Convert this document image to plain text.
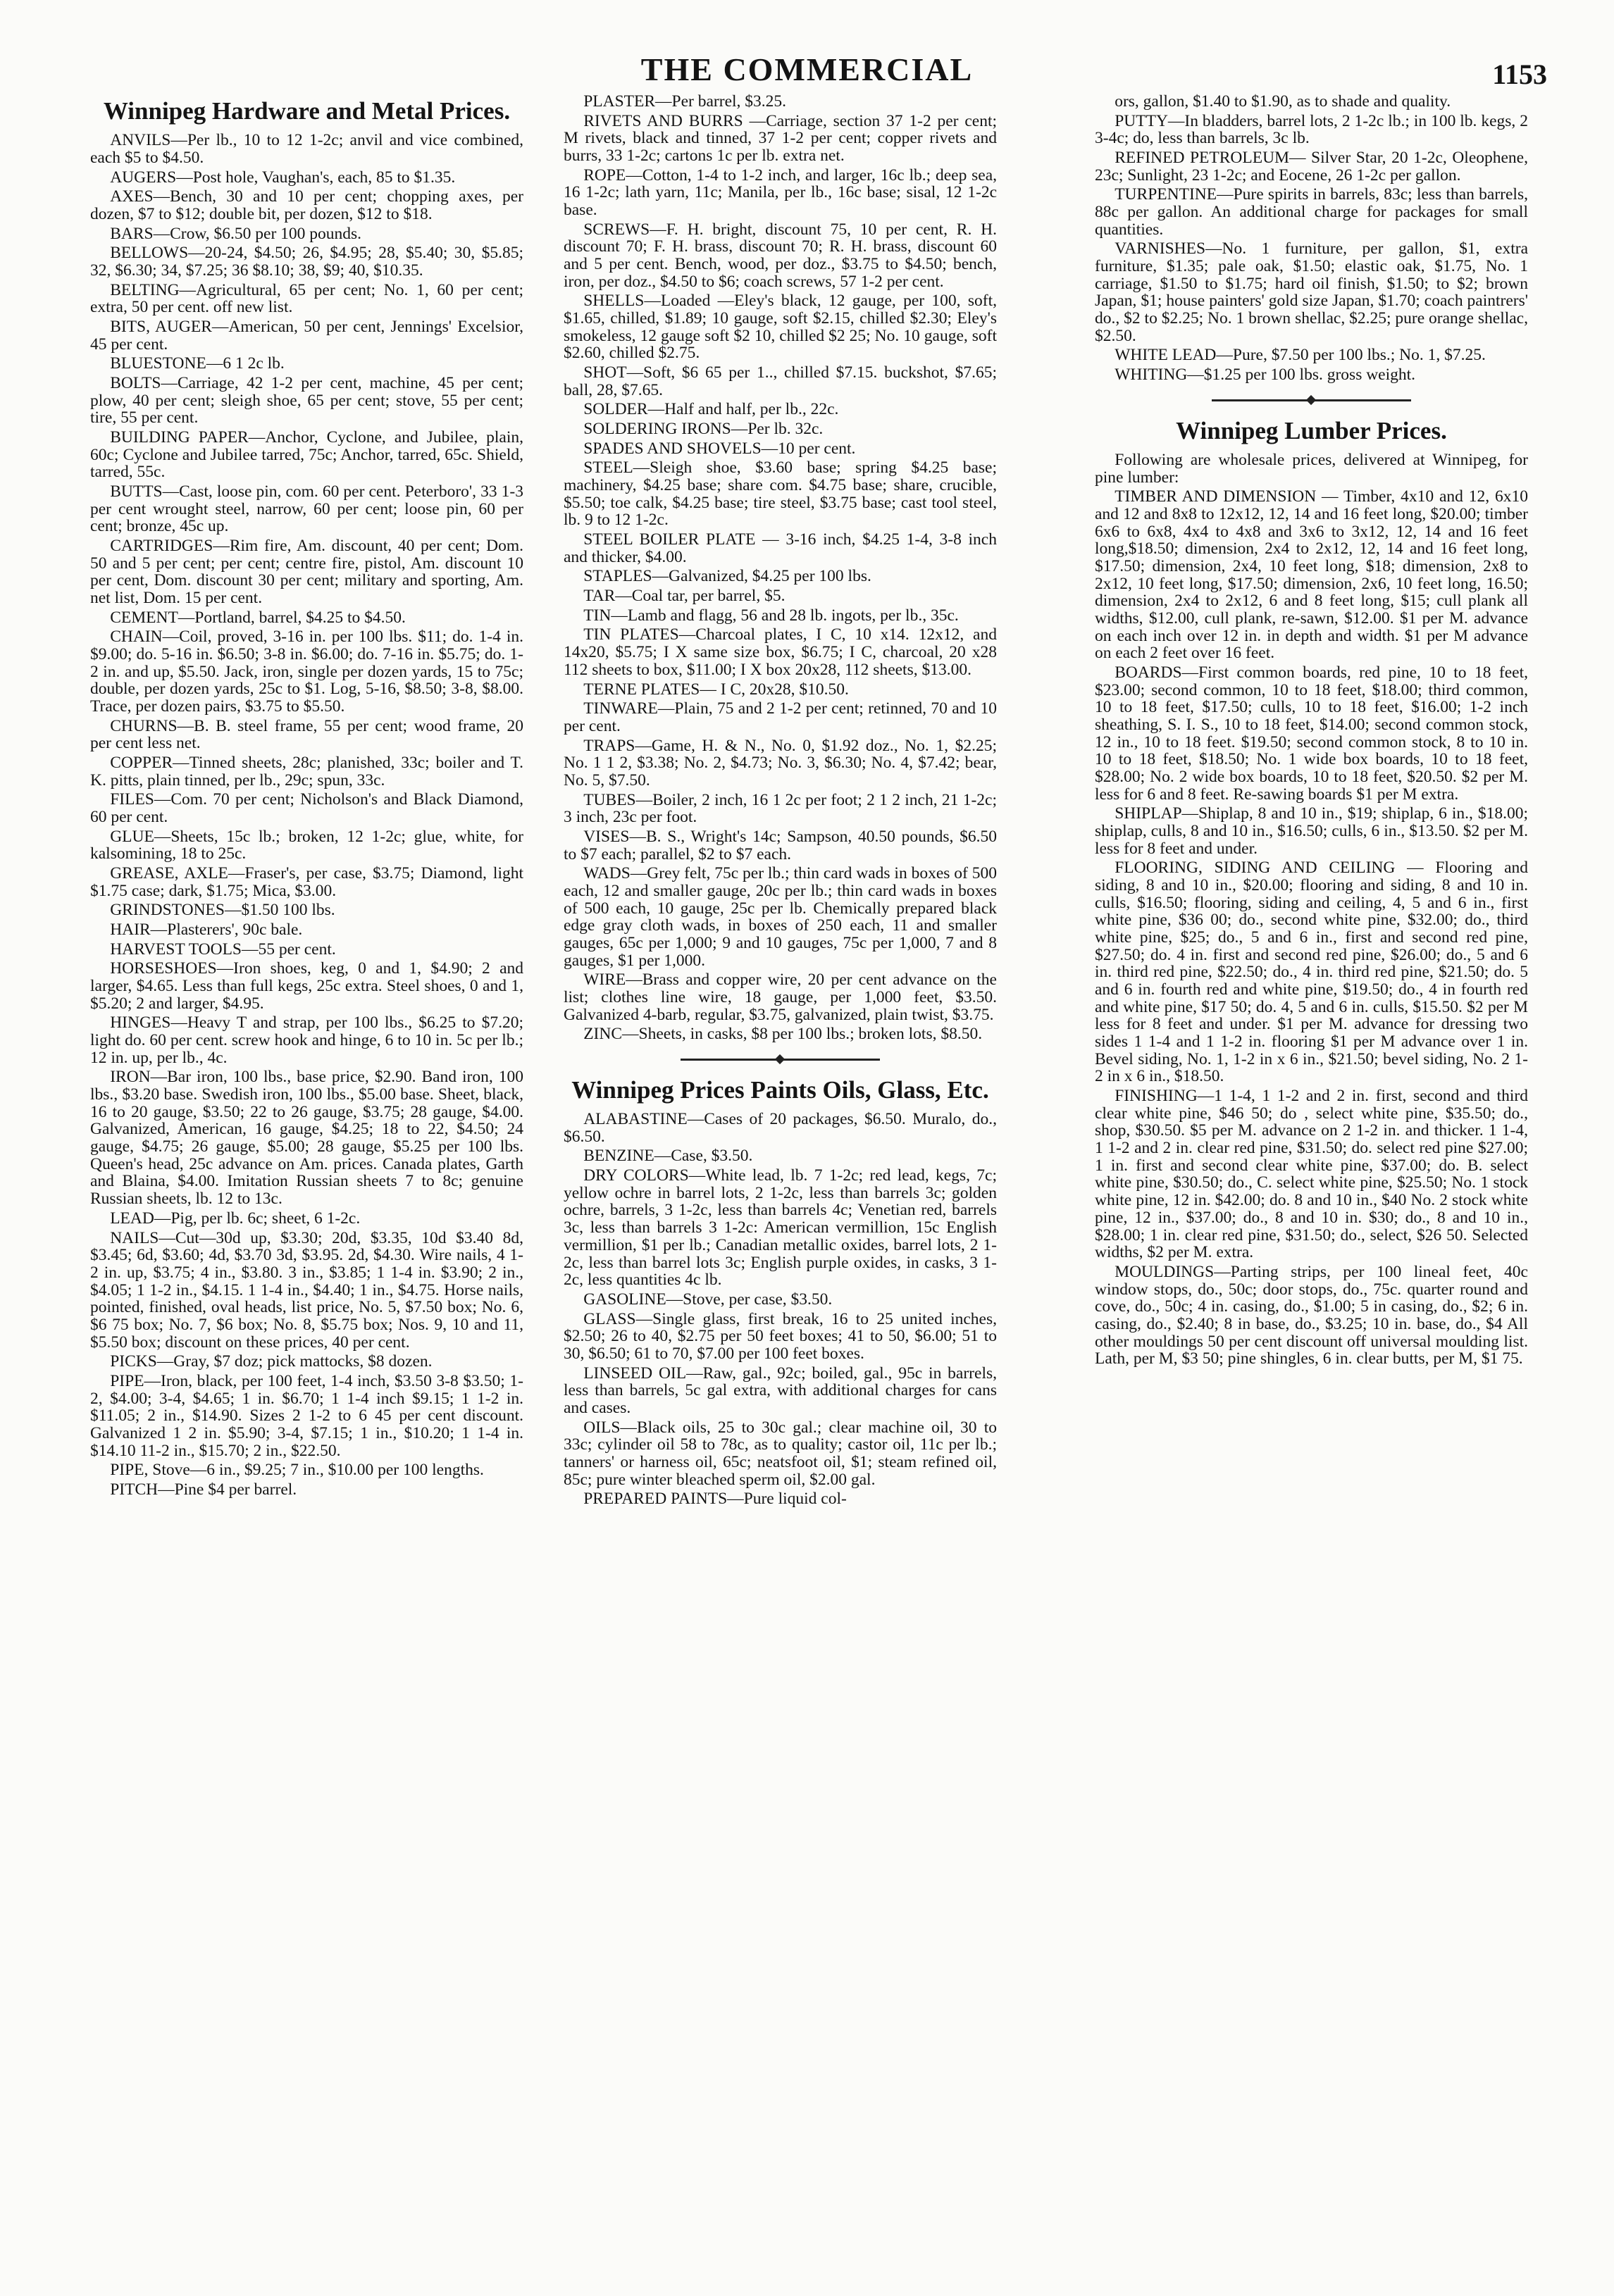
THE COMMERCIAL	1153
Winnipeg Hardware and Metal Prices.

ANVILS—Per lb., 10 to 12 1-2c; anvil and vice combined, each $5 to $4.50.

AUGERS—Post hole, Vaughan's, each, 85 to $1.35.

AXES—Bench, 30 and 10 per cent; chopping axes, per dozen, $7 to $12; double bit, per dozen, $12 to $18.

BARS—Crow, $6.50 per 100 pounds.

BELLOWS—20-24, $4.50; 26, $4.95; 28, $5.40; 30, $5.85; 32, $6.30; 34, $7.25; 36 $8.10; 38, $9; 40, $10.35.

BELTING—Agricultural, 65 per cent; No. 1, 60 per cent; extra, 50 per cent. off new list.

BITS, AUGER—American, 50 per cent, Jennings' Excelsior, 45 per cent.

BLUESTONE—6 1 2c lb.

BOLTS—Carriage, 42 1-2 per cent, machine, 45 per cent; plow, 40 per cent; sleigh shoe, 65 per cent; stove, 55 per cent; tire, 55 per cent.

BUILDING PAPER—Anchor, Cyclone, and Jubilee, plain, 60c; Cyclone and Jubilee tarred, 75c; Anchor, tarred, 65c. Shield, tarred, 55c.

BUTTS—Cast, loose pin, com. 60 per cent. Peterboro', 33 1-3 per cent wrought steel, narrow, 60 per cent; loose pin, 60 per cent; bronze, 45c up.

CARTRIDGES—Rim fire, Am. discount, 40 per cent; Dom. 50 and 5 per cent; per cent; centre fire, pistol, Am. discount 10 per cent, Dom. discount 30 per cent; military and sporting, Am. net list, Dom. 15 per cent.

CEMENT—Portland, barrel, $4.25 to $4.50.

CHAIN—Coil, proved, 3-16 in. per 100 lbs. $11; do. 1-4 in. $9.00; do. 5-16 in. $6.50; 3-8 in. $6.00; do. 7-16 in. $5.75; do. 1-2 in. and up, $5.50. Jack, iron, single per dozen yards, 15 to 75c; double, per dozen yards, 25c to $1. Log, 5-16, $8.50; 3-8, $8.00. Trace, per dozen pairs, $3.75 to $5.50.

CHURNS—B. B. steel frame, 55 per cent; wood frame, 20 per cent less net.

COPPER—Tinned sheets, 28c; planished, 33c; boiler and T. K. pitts, plain tinned, per lb., 29c; spun, 33c.

FILES—Com. 70 per cent; Nicholson's and Black Diamond, 60 per cent.

GLUE—Sheets, 15c lb.; broken, 12 1-2c; glue, white, for kalsomining, 18 to 25c.

GREASE, AXLE—Fraser's, per case, $3.75; Diamond, light $1.75 case; dark, $1.75; Mica, $3.00.

GRINDSTONES—$1.50 100 lbs.

HAIR—Plasterers', 90c bale.

HARVEST TOOLS—55 per cent.

HORSESHOES—Iron shoes, keg, 0 and 1, $4.90; 2 and larger, $4.65. Less than full kegs, 25c extra. Steel shoes, 0 and 1, $5.20; 2 and larger, $4.95.

HINGES—Heavy T and strap, per 100 lbs., $6.25 to $7.20; light do. 60 per cent. screw hook and hinge, 6 to 10 in. 5c per lb.; 12 in. up, per lb., 4c.

IRON—Bar iron, 100 lbs., base price, $2.90. Band iron, 100 lbs., $3.20 base. Swedish iron, 100 lbs., $5.00 base. Sheet, black, 16 to 20 gauge, $3.50; 22 to 26 gauge, $3.75; 28 gauge, $4.00. Galvanized, American, 16 gauge, $4.25; 18 to 22, $4.50; 24 gauge, $4.75; 26 gauge, $5.00; 28 gauge, $5.25 per 100 lbs. Queen's head, 25c advance on Am. prices. Canada plates, Garth and Blaina, $4.00. Imitation Russian sheets 7 to 8c; genuine Russian sheets, lb. 12 to 13c.

LEAD—Pig, per lb. 6c; sheet, 6 1-2c.

NAILS—Cut—30d up, $3.30; 20d, $3.35, 10d $3.40 8d, $3.45; 6d, $3.60; 4d, $3.70 3d, $3.95. 2d, $4.30. Wire nails, 4 1-2 in. up, $3.75; 4 in., $3.80. 3 in., $3.85; 1 1-4 in. $3.90; 2 in., $4.05; 1 1-2 in., $4.15. 1 1-4 in., $4.40; 1 in., $4.75. Horse nails, pointed, finished, oval heads, list price, No. 5, $7.50 box; No. 6, $6 75 box; No. 7, $6 box; No. 8, $5.75 box; Nos. 9, 10 and 11, $5.50 box; discount on these prices, 40 per cent.

PICKS—Gray, $7 doz; pick mattocks, $8 dozen.

PIPE—Iron, black, per 100 feet, 1-4 inch, $3.50 3-8 $3.50; 1-2, $4.00; 3-4, $4.65; 1 in. $6.70; 1 1-4 inch $9.15; 1 1-2 in. $11.05; 2 in., $14.90. Sizes 2 1-2 to 6 45 per cent discount. Galvanized 1 2 in. $5.90; 3-4, $7.15; 1 in., $10.20; 1 1-4 in. $14.10 11-2 in., $15.70; 2 in., $22.50.

PIPE, Stove—6 in., $9.25; 7 in., $10.00 per 100 lengths.

PITCH—Pine $4 per barrel.

PLASTER—Per barrel, $3.25.

RIVETS AND BURRS —Carriage, section 37 1-2 per cent; M rivets, black and tinned, 37 1-2 per cent; copper rivets and burrs, 33 1-2c; cartons 1c per lb. extra net.

ROPE—Cotton, 1-4 to 1-2 inch, and larger, 16c lb.; deep sea, 16 1-2c; lath yarn, 11c; Manila, per lb., 16c base; sisal, 12 1-2c base.

SCREWS—F. H. bright, discount 75, 10 per cent, R. H. discount 70; F. H. brass, discount 70; R. H. brass, discount 60 and 5 per cent. Bench, wood, per doz., $3.75 to $4.50; bench, iron, per doz., $4.50 to $6; coach screws, 57 1-2 per cent.

SHELLS—Loaded —Eley's black, 12 gauge, per 100, soft, $1.65, chilled, $1.89; 10 gauge, soft $2.15, chilled $2.30; Eley's smokeless, 12 gauge soft $2 10, chilled $2 25; No. 10 gauge, soft $2.60, chilled $2.75.

SHOT—Soft, $6 65 per 1.., chilled $7.15. buckshot, $7.65; ball, 28, $7.65.

SOLDER—Half and half, per lb., 22c.

SOLDERING IRONS—Per lb. 32c.

SPADES AND SHOVELS—10 per cent.

STEEL—Sleigh shoe, $3.60 base; spring $4.25 base; machinery, $4.25 base; share com. $4.75 base; share, crucible, $5.50; toe calk, $4.25 base; tire steel, $3.75 base; cast tool steel, lb. 9 to 12 1-2c.

STEEL BOILER PLATE — 3-16 inch, $4.25 1-4, 3-8 inch and thicker, $4.00.

STAPLES—Galvanized, $4.25 per 100 lbs.

TAR—Coal tar, per barrel, $5.

TIN—Lamb and flagg, 56 and 28 lb. ingots, per lb., 35c.

TIN PLATES—Charcoal plates, I C, 10 x14. 12x12, and 14x20, $5.75; I X same size box, $6.75; I C, charcoal, 20 x28 112 sheets to box, $11.00; I X box 20x28, 112 sheets, $13.00.

TERNE PLATES— I C, 20x28, $10.50.

TINWARE—Plain, 75 and 2 1-2 per cent; retinned, 70 and 10 per cent.

TRAPS—Game, H. & N., No. 0, $1.92 doz., No. 1, $2.25; No. 1 1 2, $3.38; No. 2, $4.73; No. 3, $6.30; No. 4, $7.42; bear, No. 5, $7.50.

TUBES—Boiler, 2 inch, 16 1 2c per foot; 2 1 2 inch, 21 1-2c; 3 inch, 23c per foot.

VISES—B. S., Wright's 14c; Sampson, 40.50 pounds, $6.50 to $7 each; parallel, $2 to $7 each.

WADS—Grey felt, 75c per lb.; thin card wads in boxes of 500 each, 12 and smaller gauge, 20c per lb.; thin card wads in boxes of 500 each, 10 gauge, 25c per lb. Chemically prepared black edge gray cloth wads, in boxes of 250 each, 11 and smaller gauges, 65c per 1,000; 9 and 10 gauges, 75c per 1,000, 7 and 8 gauges, $1 per 1,000.

WIRE—Brass and copper wire, 20 per cent advance on the list; clothes line wire, 18 gauge, per 1,000 feet, $3.50. Galvanized 4-barb, regular, $3.75, galvanized, plain twist, $3.75.

ZINC—Sheets, in casks, $8 per 100 lbs.; broken lots, $8.50.

Winnipeg Prices Paints Oils, Glass, Etc.

ALABASTINE—Cases of 20 packages, $6.50. Muralo, do., $6.50.

BENZINE—Case, $3.50.

DRY COLORS—White lead, lb. 7 1-2c; red lead, kegs, 7c; yellow ochre in barrel lots, 2 1-2c, less than barrels 3c; golden ochre, barrels, 3 1-2c, less than barrels 4c; Venetian red, barrels 3c, less than barrels 3 1-2c: American vermillion, 15c English vermillion, $1 per lb.; Canadian metallic oxides, barrel lots, 2 1-2c, less than barrel lots 3c; English purple oxides, in casks, 3 1-2c, less quantities 4c lb.

GASOLINE—Stove, per case, $3.50.

GLASS—Single glass, first break, 16 to 25 united inches, $2.50; 26 to 40, $2.75 per 50 feet boxes; 41 to 50, $6.00; 51 to 30, $6.50; 61 to 70, $7.00 per 100 feet boxes.

LINSEED OIL—Raw, gal., 92c; boiled, gal., 95c in barrels, less than barrels, 5c gal extra, with additional charges for cans and cases.

OILS—Black oils, 25 to 30c gal.; clear machine oil, 30 to 33c; cylinder oil 58 to 78c, as to quality; castor oil, 11c per lb.; tanners' or harness oil, 65c; neatsfoot oil, $1; steam refined oil, 85c; pure winter bleached sperm oil, $2.00 gal.

PREPARED PAINTS—Pure liquid col-

ors, gallon, $1.40 to $1.90, as to shade and quality.

PUTTY—In bladders, barrel lots, 2 1-2c lb.; in 100 lb. kegs, 2 3-4c; do, less than barrels, 3c lb.

REFINED PETROLEUM— Silver Star, 20 1-2c, Oleophene, 23c; Sunlight, 23 1-2c; and Eocene, 26 1-2c per gallon.

TURPENTINE—Pure spirits in barrels, 83c; less than barrels, 88c per gallon. An additional charge for packages for small quantities.

VARNISHES—No. 1 furniture, per gallon, $1, extra furniture, $1.35; pale oak, $1.50; elastic oak, $1.75, No. 1 carriage, $1.50 to $1.75; hard oil finish, $1.50; to $2; brown Japan, $1; house painters' gold size Japan, $1.70; coach paintrers' do., $2 to $2.25; No. 1 brown shellac, $2.25; pure orange shellac, $2.50.

WHITE LEAD—Pure, $7.50 per 100 lbs.; No. 1, $7.25.

WHITING—$1.25 per 100 lbs. gross weight.

Winnipeg Lumber Prices.

Following are wholesale prices, delivered at Winnipeg, for pine lumber:

TIMBER AND DIMENSION — Timber, 4x10 and 12, 6x10 and 12 and 8x8 to 12x12, 12, 14 and 16 feet long, $20.00; timber 6x6 to 6x8, 4x4 to 4x8 and 3x6 to 3x12, 12, 14 and 16 feet long,$18.50; dimension, 2x4 to 2x12, 12, 14 and 16 feet long, $17.50; dimension, 2x4, 10 feet long, $18; dimension, 2x8 to 2x12, 10 feet long, $17.50; dimension, 2x6, 10 feet long, 16.50; dimension, 2x4 to 2x12, 6 and 8 feet long, $15; cull plank all widths, $12.00, cull plank, re-sawn, $12.00. $1 per M. advance on each inch over 12 in. in depth and width. $1 per M advance on each 2 feet over 16 feet.

BOARDS—First common boards, red pine, 10 to 18 feet, $23.00; second common, 10 to 18 feet, $18.00; third common, 10 to 18 feet, $17.50; culls, 10 to 18 feet, $16.00; 1-2 inch sheathing, S. I. S., 10 to 18 feet, $14.00; second common stock, 12 in., 10 to 18 feet. $19.50; second common stock, 8 to 10 in. 10 to 18 feet, $18.50; No. 1 wide box boards, 10 to 18 feet, $28.00; No. 2 wide box boards, 10 to 18 feet, $20.50. $2 per M. less for 6 and 8 feet. Re-sawing boards $1 per M extra.

SHIPLAP—Shiplap, 8 and 10 in., $19; shiplap, 6 in., $18.00; shiplap, culls, 8 and 10 in., $16.50; culls, 6 in., $13.50. $2 per M. less for 8 feet and under.

FLOORING, SIDING AND CEILING — Flooring and siding, 8 and 10 in., $20.00; flooring and siding, 8 and 10 in. culls, $16.50; flooring, siding and ceiling, 4, 5 and 6 in., first white pine, $36 00; do., second white pine, $32.00; do., third white pine, $25; do., 5 and 6 in., first and second red pine, $27.50; do. 4 in. first and second red pine, $26.00; do., 5 and 6 in. third red pine, $22.50; do., 4 in. third red pine, $21.50; do. 5 and 6 in. fourth red and white pine, $19.50; do., 4 in fourth red and white pine, $17 50; do. 4, 5 and 6 in. culls, $15.50. $2 per M less for 8 feet and under. $1 per M. advance for dressing two sides 1 1-4 and 1 1-2 in. flooring $1 per M advance over 1 in. Bevel siding, No. 1, 1-2 in x 6 in., $21.50; bevel siding, No. 2 1-2 in x 6 in., $18.50.

FINISHING—1 1-4, 1 1-2 and 2 in. first, second and third clear white pine, $46 50; do , select white pine, $35.50; do., shop, $30.50. $5 per M. advance on 2 1-2 in. and thicker. 1 1-4, 1 1-2 and 2 in. clear red pine, $31.50; do. select red pine $27.00; 1 in. first and second clear white pine, $37.00; do. B. select white pine, $30.50; do., C. select white pine, $25.50; No. 1 stock white pine, 12 in. $42.00; do. 8 and 10 in., $40 No. 2 stock white pine, 12 in., $37.00; do., 8 and 10 in. $30; do., 8 and 10 in., $28.00; 1 in. clear red pine, $31.50; do., select, $26 50. Selected widths, $2 per M. extra.

MOULDINGS—Parting strips, per 100 lineal feet, 40c window stops, do., 50c; door stops, do., 75c. quarter round and cove, do., 50c; 4 in. casing, do., $1.00; 5 in casing, do., $2; 6 in. casing, do., $2.40; 8 in base, do., $3.25; 10 in. base, do., $4 All other mouldings 50 per cent discount off universal moulding list. Lath, per M, $3 50; pine shingles, 6 in. clear butts, per M, $1 75.
